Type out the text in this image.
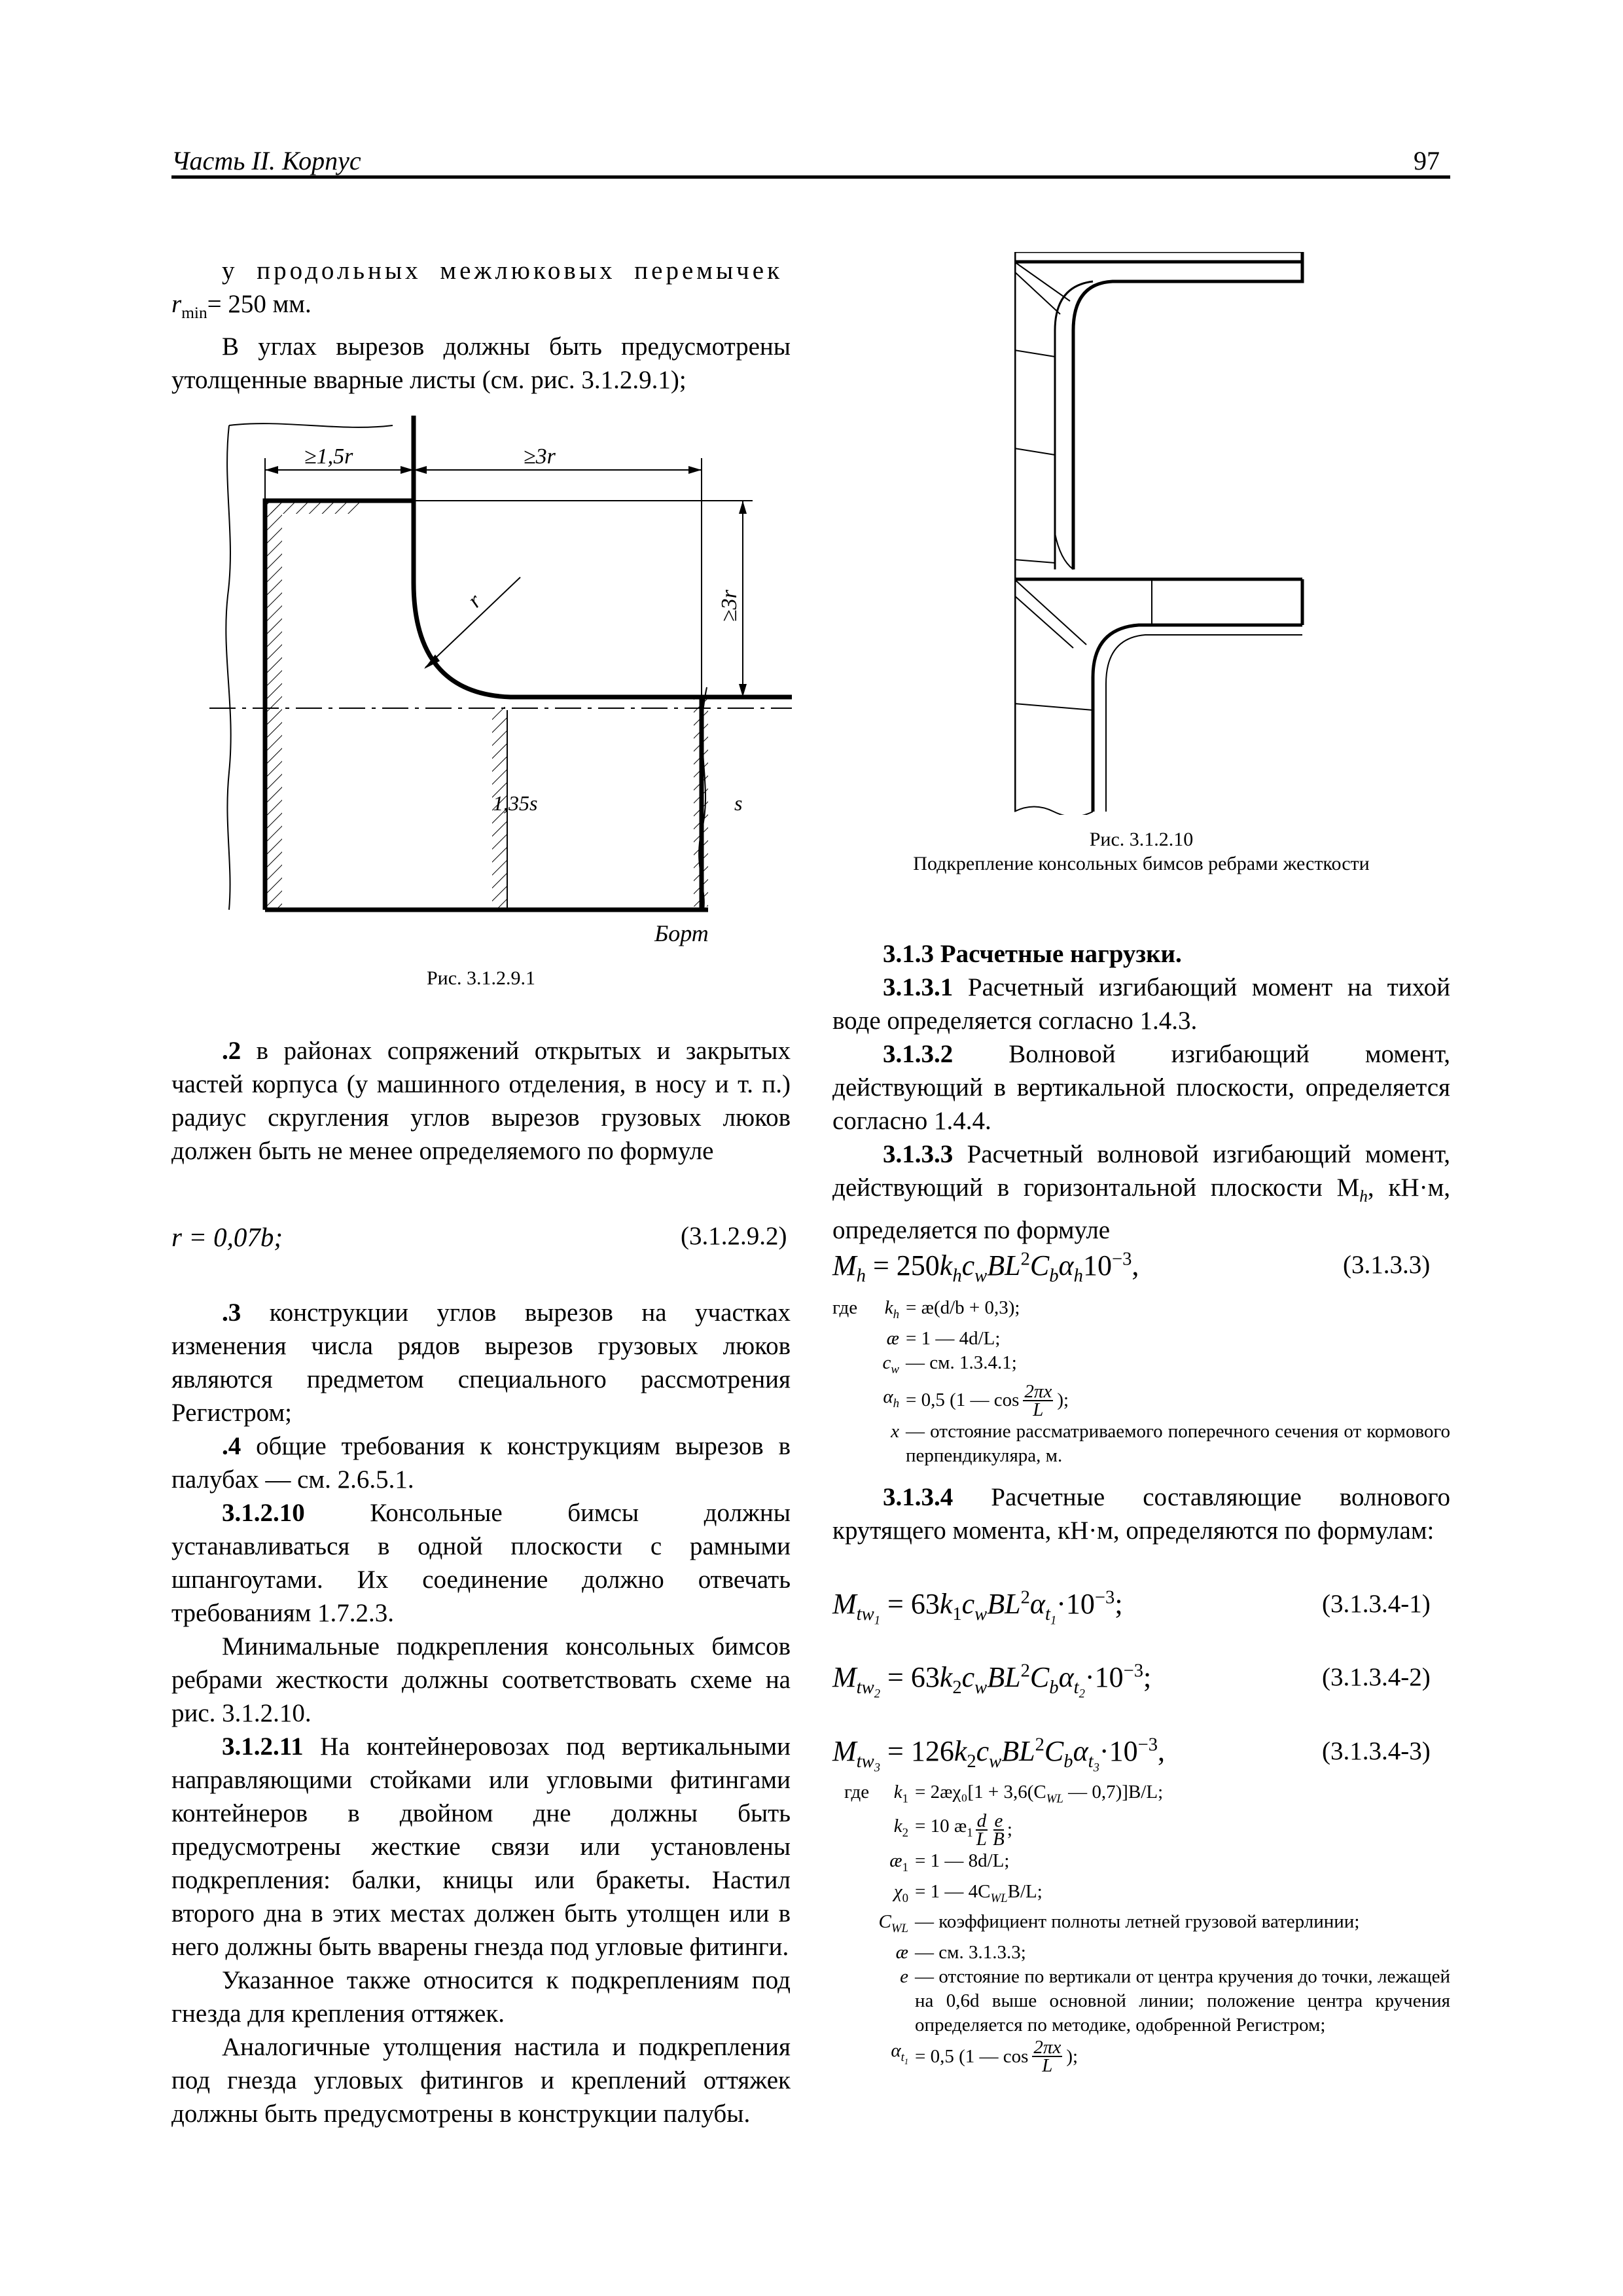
Часть II. Корпус	97

у продольных межлюковых перемычек

$r_{min}= 250$ мм.

В углах вырезов должны быть предусмотрены утолщенные вварные листы (см. рис. 3.1.2.9.1);

≥1,5r	≥3r
≥3r
r
1,35s	s
Борт
Рис. 3.1.2.9.1

.2 в районах сопряжений открытых и закрытых частей корпуса (у машинного отделения, в носу и т. п.) радиус скругления углов вырезов грузовых люков должен быть не менее определяемого по формуле

r = 0,07b;	(3.1.2.9.2)

.3 конструкции углов вырезов на участках изменения числа рядов вырезов грузовых люков являются предметом специального рассмотрения Регистром;

.4 общие требования к конструкциям вырезов в палубах — см. 2.6.5.1.

3.1.2.10 Консольные бимсы должны устанавливаться в одной плоскости с рамными шпангоутами. Их соединение должно отвечать требованиям 1.7.2.3.

Минимальные подкрепления консольных бимсов ребрами жесткости должны соответствовать схеме на рис. 3.1.2.10.

3.1.2.11 На контейнеровозах под вертикальными направляющими стойками или угловыми фитингами контейнеров в двойном дне должны быть предусмотрены жесткие связи или установлены подкрепления: балки, кницы или бракеты. Настил второго дна в этих местах должен быть утолщен или в него должны быть вварены гнезда под угловые фитинги.

Указанное также относится к подкреплениям под гнезда для крепления оттяжек.

Аналогичные утолщения настила и подкрепления под гнезда угловых фитингов и креплений оттяжек должны быть предусмотрены в конструкции палубы.

Рис. 3.1.2.10
Подкрепление консольных бимсов ребрами жесткости

3.1.3 Расчетные нагрузки.

3.1.3.1 Расчетный изгибающий момент на тихой воде определяется согласно 1.4.3.

3.1.3.2 Волновой изгибающий момент, действующий в вертикальной плоскости, определяется согласно 1.4.4.

3.1.3.3 Расчетный волновой изгибающий момент, действующий в горизонтальной плоскости $M_h$, кН·м, определяется по формуле

$M_h = 250k_hc_wBL^2C_b\alpha_h10^{-3}$,	(3.1.3.3)
где	$k_h$ = æ(d/b + 0,3);
æ = 1 — 4d/L;
$c_w$ — см. 1.3.4.1;
$\alpha_h = 0,5$ (1 — $\cos \frac{2\pi x}{L}$ );
x — отстояние рассматриваемого поперечного сечения от кормового перпендикуляра, м.

3.1.3.4 Расчетные составляющие волнового крутящего момента, кН·м, определяются по формулам:

$M_{tw_1} = 63k_1c_wBL^2\alpha_{t_1}\cdot 10^{-3}$;	(3.1.3.4-1)
$M_{tw_2} = 63k_2c_wBL^2C_b\alpha_{t_2}\cdot 10^{-3}$;	(3.1.3.4-2)
$M_{tw_3} = 126k_2c_wBL^2C_b\alpha_{t_3}\cdot 10^{-3}$,	(3.1.3.4-3)
где	$k_1$ = 2æχ₀[1 + $3,6(C_{WL}$ — 0,7)]B/L;
$k_2 = 10$ $æ_1 \frac{d}{L} \frac{e}{B}$ ;
$æ_1 = 1$ — 8d/L;
$\chi_0 = 1$ — $4C_{WL}B/L$;
$C_{WL}$ — коэффициент полноты летней грузовой ватерлинии;
æ — см. 3.1.3.3;
e — отстояние по вертикали от центра кручения до точки, лежащей на 0,6d выше основной линии; положение центра кручения определяется по методике, одобренной Регистром;
$\alpha_{t_1} = 0,5$ (1 — $\cos \frac{2\pi x}{L}$ );
